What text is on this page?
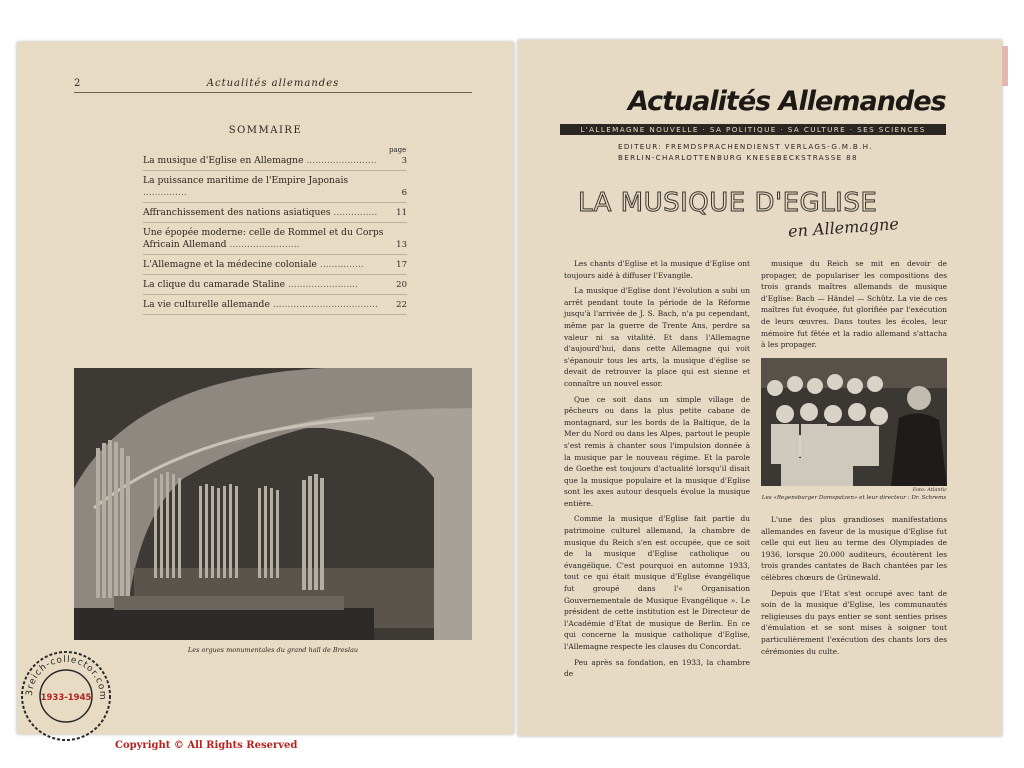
2	Actualités allemandes
SOMMAIRE
page
La musique d'Eglise en Allemagne ........................	3
La puissance maritime de l'Empire Japonais ...............	6
Affranchissement des nations asiatiques ............... 11
Une épopée moderne: celle de Rommel et du Corps Africain Allemand ........................	13
L'Allemagne et la médecine coloniale ...............	17
La clique du camarade Staline ........................	20
La vie culturelle allemande .................................... 22
Les orgues monumentales du grand hall de Breslau
Actualités Allemandes
L'ALLEMAGNE NOUVELLE · SA POLITIQUE · SA CULTURE · SES SCIENCES
EDITEUR: FREMDSPRACHENDIENST VERLAGS-G.M.B.H.
BERLIN-CHARLOTTENBURG KNESEBECKSTRASSE 88
LA MUSIQUE D'EGLISE
en Allemagne

Les chants d'Eglise et la musique d'Eglise ont toujours aidé à diffuser l'Evangile.

La musique d'Eglise dont l'évolution a subi un arrêt pendant toute la période de la Réforme jusqu'à l'arrivée de J. S. Bach, n'a pu cependant, même par la guerre de Trente Ans, perdre sa valeur ni sa vitalité. Et dans l'Allemagne d'aujourd'hui, dans cette Allemagne qui voit s'épanouir tous les arts, la musique d'église se devait de retrouver la place qui est sienne et connaître un nouvel essor.

Que ce soit dans un simple village de pêcheurs ou dans la plus petite cabane de montagnard, sur les bords de la Baltique, de la Mer du Nord ou dans les Alpes, partout le peuple s'est remis à chanter sous l'impulsion donnée à la musique par le nouveau régime. Et la parole de Goethe est toujours d'actualité lorsqu'il disait que la musique populaire et la musique d'Eglise sont les axes autour desquels évolue la musique entière.

Comme la musique d'Eglise fait partie du patrimoine culturel allemand, la chambre de musique du Reich s'en est occupée, que ce soit de la musique d'Eglise catholique ou évangélique. C'est pourquoi en automne 1933, tout ce qui était musique d'Eglise évangélique fut groupé dans l'« Organisation Gouvernementale de Musique Evangélique ». Le président de cette institution est le Directeur de l'Académie d'Etat de musique de Berlin. En ce qui concerne la musique catholique d'Eglise, l'Allemagne respecte les clauses du Concordat.

Peu après sa fondation, en 1933, la chambre de

musique du Reich se mit en devoir de propager, de populariser les compositions des trois grands maîtres allemands de musique d'Eglise: Bach — Händel — Schütz. La vie de ces maîtres fut évoquée, fut glorifiée par l'exécution de leurs œuvres. Dans toutes les écoles, leur mémoire fut fêtée et la radio allemand s'attacha à les propager.

Foto: Atlantic
Les «Regensburger Domspatzen» et leur directeur : Dr. Schrems

L'une des plus grandioses manifestations allemandes en faveur de la musique d'Eglise fut celle qui eut lieu au terme des Olympiades de 1936, lorsque 20.000 auditeurs, écoutèrent les trois grandes cantates de Bach chantées par les célèbres chœurs de Grünewald.

Depuis que l'Etat s'est occupé avec tant de soin de la musique d'Eglise, les communautés religieuses du pays entier se sont senties prises d'émulation et se sont mises à soigner tout particulièrement l'exécution des chants lors des cérémonies du culte.

3reich-collector.com
1933-1945
Copyright © All Rights Reserved
